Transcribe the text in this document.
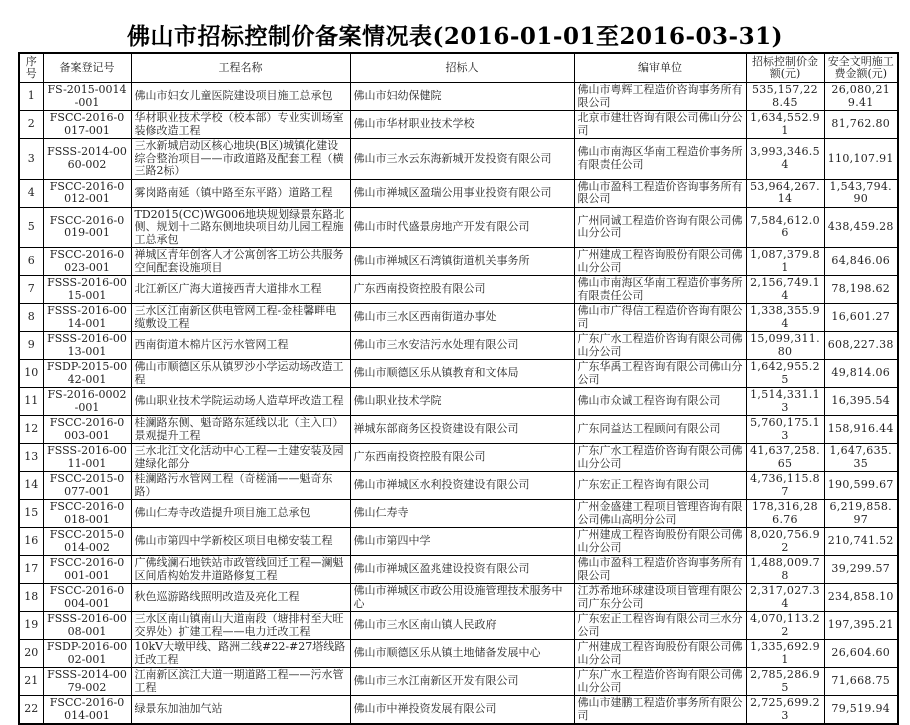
佛山市招标控制价备案情况表(2016-01-01至2016-03-31)
序号	备案登记号	工程名称	招标人	编审单位	招标控制价金额(元)	安全文明施工费金额(元)
1	FS-2015-0014-001	佛山市妇女儿童医院建设项目施工总承包	佛山市妇幼保健院	佛山市粤辉工程造价咨询事务所有限公司	535,157,228.45	26,080,219.41
2	FSCC-2016-0017-001	华材职业技术学校（校本部）专业实训场室装修改造工程	佛山市华材职业技术学校	北京市建壮咨询有限公司佛山分公司	1,634,552.91	81,762.80
3	FSSS-2014-0060-002	三水新城启动区核心地块(B区)城镇化建设综合整治项目——市政道路及配套工程（横三路2标）	佛山市三水云东海新城开发投资有限公司	佛山市南海区华南工程造价事务所有限责任公司	3,993,346.54	110,107.91
4	FSCC-2016-0012-001	雾岗路南延（镇中路至东平路）道路工程	佛山市禅城区盈瑞公用事业投资有限公司	佛山市盈科工程造价咨询事务所有限公司	53,964,267.14	1,543,794.90
5	FSCC-2016-0019-001	TD2015(CC)WG006地块规划绿景东路北侧、规划十二路东侧地块项目幼儿园工程施工总承包	佛山市时代盛景房地产开发有限公司	广州同诚工程造价咨询有限公司佛山分公司	7,584,612.06	438,459.28
6	FSCC-2016-0023-001	禅城区青年创客人才公寓创客工坊公共服务空间配套设施项目	佛山市禅城区石湾镇街道机关事务所	广州建成工程咨询股份有限公司佛山分公司	1,087,379.81	64,846.06
7	FSSS-2016-0015-001	北江新区广海大道接西青大道排水工程	广东西南投资控股有限公司	佛山市南海区华南工程造价事务所有限责任公司	2,156,749.14	78,198.62
8	FSSS-2016-0014-001	三水区江南新区供电管网工程-金桂馨畔电缆敷设工程	佛山市三水区西南街道办事处	佛山市广得信工程造价咨询有限公司	1,338,355.94	16,601.27
9	FSSS-2016-0013-001	西南街道木棉片区污水管网工程	佛山市三水安洁污水处理有限公司	广东广水工程造价咨询有限公司佛山分公司	15,099,311.80	608,227.38
10	FSDP-2015-0042-001	佛山市顺德区乐从镇罗沙小学运动场改造工程	佛山市顺德区乐从镇教育和文体局	广东华禹工程咨询有限公司佛山分公司	1,642,955.25	49,814.06
11	FS-2016-0002-001	佛山职业技术学院运动场人造草坪改造工程	佛山职业技术学院	佛山市众诚工程咨询有限公司	1,514,331.13	16,395.54
12	FSCC-2016-0003-001	桂澜路东侧、魁奇路东延线以北（主入口）景观提升工程	禅城东部商务区投资建设有限公司	广东同益达工程顾问有限公司	5,760,175.13	158,916.44
13	FSSS-2016-0011-001	三水北江文化活动中心工程—土建安装及园建绿化部分	广东西南投资控股有限公司	广东广水工程造价咨询有限公司佛山分公司	41,637,258.65	1,647,635.35
14	FSCC-2015-0077-001	桂澜路污水管网工程（奇槎涌——魁奇东路）	佛山市禅城区水利投资建设有限公司	广东宏正工程咨询有限公司	4,736,115.87	190,599.67
15	FSCC-2016-0018-001	佛山仁寿寺改造提升项目施工总承包	佛山仁寿寺	广州金盛建工程项目管理咨询有限公司佛山高明分公司	178,316,286.76	6,219,858.97
16	FSCC-2015-0014-002	佛山市第四中学新校区项目电梯安装工程	佛山市第四中学	广州建成工程咨询股份有限公司佛山分公司	8,020,756.92	210,741.52
17	FSCC-2016-0001-001	广佛线澜石地铁站市政管线回迁工程—澜魁区间盾构始发井道路修复工程	佛山市禅城区盈兆建设投资有限公司	佛山市盈科工程造价咨询事务所有限公司	1,488,009.78	39,299.57
18	FSCC-2016-0004-001	秋色巡游路线照明改造及亮化工程	佛山市禅城区市政公用设施管理技术服务中心	江苏希地环球建设项目管理有限公司广东分公司	2,317,027.34	234,858.10
19	FSSS-2016-0008-001	三水区南山镇南山大道南段（塘排村至大旺交界处）扩建工程——电力迁改工程	佛山市三水区南山镇人民政府	广东宏正工程咨询有限公司三水分公司	4,070,113.22	197,395.21
20	FSDP-2016-0002-001	10kV大墩甲线、路洲二线#22-#27塔线路迁改工程	佛山市顺德区乐从镇土地储备发展中心	广州建成工程咨询股份有限公司佛山分公司	1,335,692.91	26,604.60
21	FSSS-2014-0079-002	江南新区滨江大道一期道路工程——污水管工程	佛山市三水江南新区开发有限公司	广东广水工程造价咨询有限公司佛山分公司	2,785,286.95	71,668.75
22	FSCC-2016-0014-001	绿景东加油加气站	佛山市中禅投资发展有限公司	佛山市建鹏工程造价事务所有限公司	2,725,699.23	79,519.94
